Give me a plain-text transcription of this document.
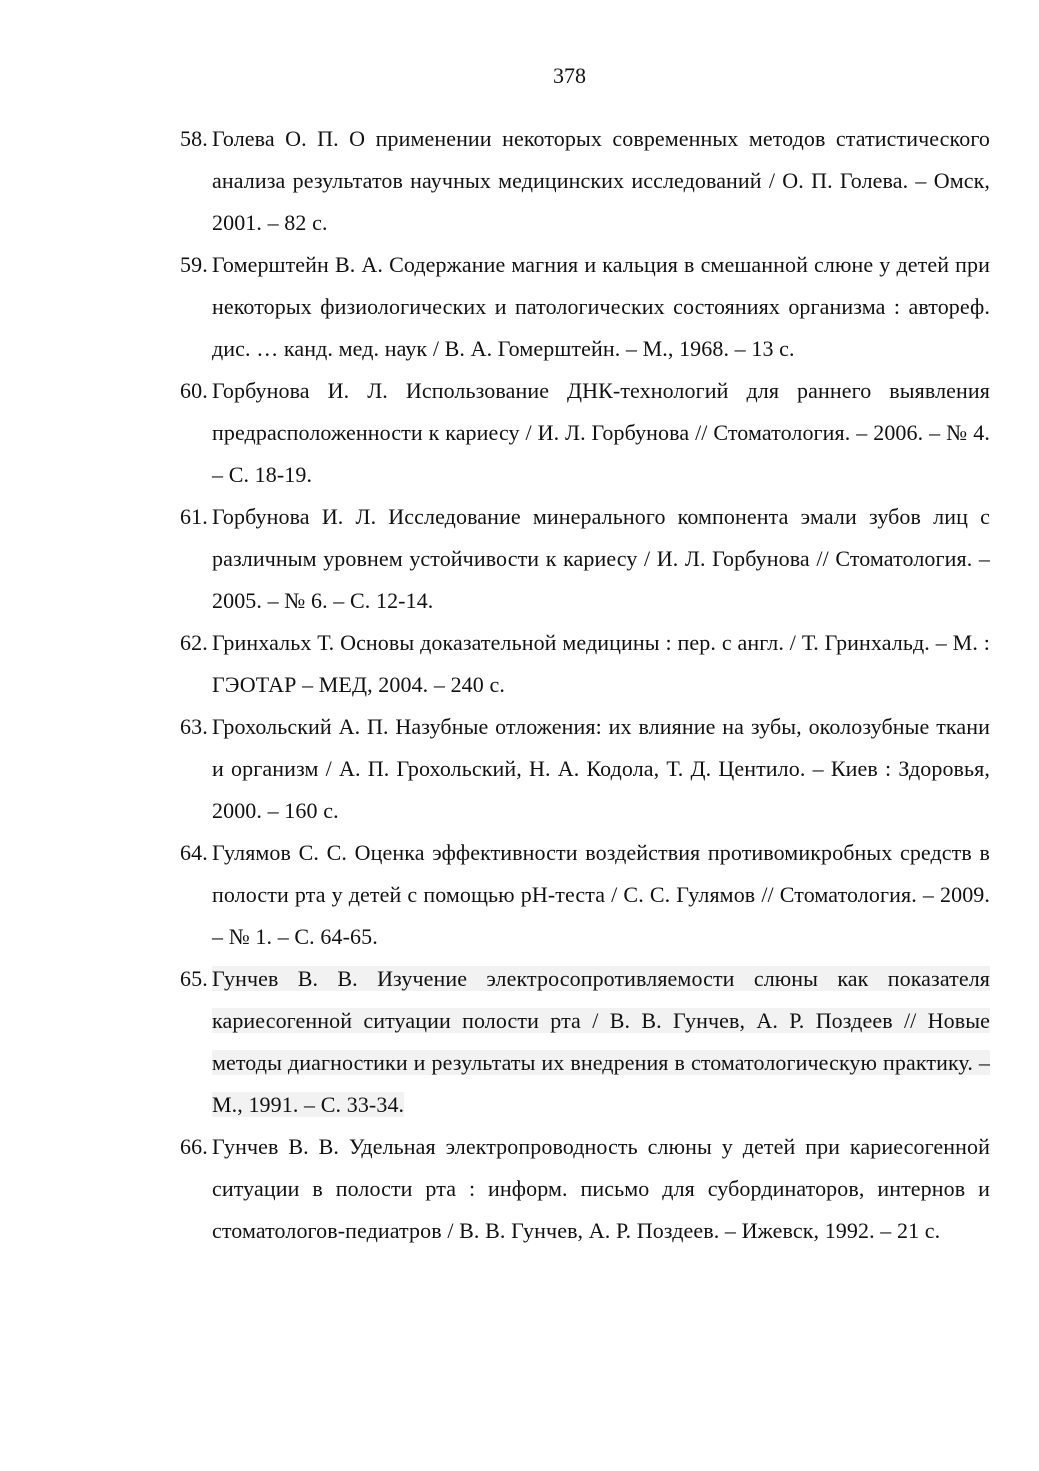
378
58. Голева О. П. О применении некоторых современных методов статистического анализа результатов научных медицинских исследований / О. П. Голева. – Омск, 2001. – 82 с.
59. Гомерштейн В. А. Содержание магния и кальция в смешанной слюне у детей при некоторых физиологических и патологических состояниях организма : автореф. дис. … канд. мед. наук / В. А. Гомерштейн. – М., 1968. – 13 с.
60. Горбунова И. Л. Использование ДНК-технологий для раннего выявления предрасположенности к кариесу / И. Л. Горбунова // Стоматология. – 2006. – № 4. – С. 18-19.
61. Горбунова И. Л. Исследование минерального компонента эмали зубов лиц с различным уровнем устойчивости к кариесу / И. Л. Горбунова // Стоматология. – 2005. – № 6. – С. 12-14.
62. Гринхальх Т. Основы доказательной медицины : пер. с англ. / Т. Гринхальд. – М. : ГЭОТАР – МЕД, 2004. – 240 с.
63. Грохольский А. П. Назубные отложения: их влияние на зубы, околозубные ткани и организм / А. П. Грохольский, Н. А. Кодола, Т. Д. Центило. – Киев : Здоровья, 2000. – 160 с.
64. Гулямов С. С. Оценка эффективности воздействия противомикробных средств в полости рта у детей с помощью рН-теста / С. С. Гулямов // Стоматология. – 2009. – № 1. – С. 64-65.
65. Гунчев В. В. Изучение электросопротивляемости слюны как показателя кариесогенной ситуации полости рта / В. В. Гунчев, А. Р. Поздеев // Новые методы диагностики и результаты их внедрения в стоматологическую практику. – М., 1991. – С. 33-34.
66. Гунчев В. В. Удельная электропроводность слюны у детей при кариесогенной ситуации в полости рта : информ. письмо для субординаторов, интернов и стоматологов-педиатров / В. В. Гунчев, А. Р. Поздеев. – Ижевск, 1992. – 21 с.
